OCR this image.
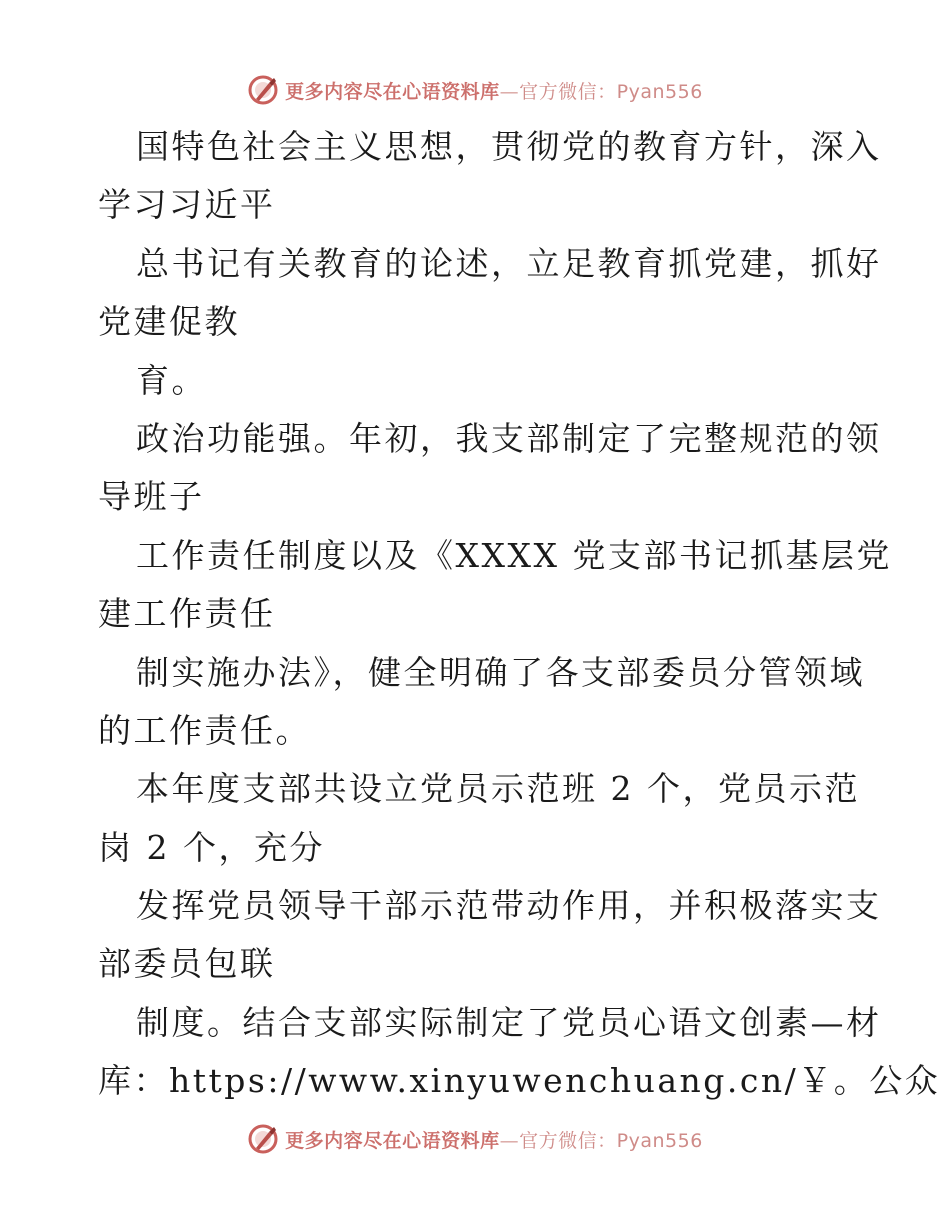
更多内容尽在心语资料库—官方微信：Pyan556
国特色社会主义思想，贯彻党的教育方针，深入
学习习近平
总书记有关教育的论述，立足教育抓党建，抓好
党建促教
育。
政治功能强。年初，我支部制定了完整规范的领
导班子
工作责任制度以及《XXXX 党支部书记抓基层党
建工作责任
制实施办法》，健全明确了各支部委员分管领域
的工作责任。
本年度支部共设立党员示范班 2 个，党员示范
岗 2 个，充分
发挥党员领导干部示范带动作用，并积极落实支
部委员包联
制度。结合支部实际制定了党员心语文创素—材
库：https://www.xinyuwenchuang.cn/￥。公众
更多内容尽在心语资料库—官方微信：Pyan556
